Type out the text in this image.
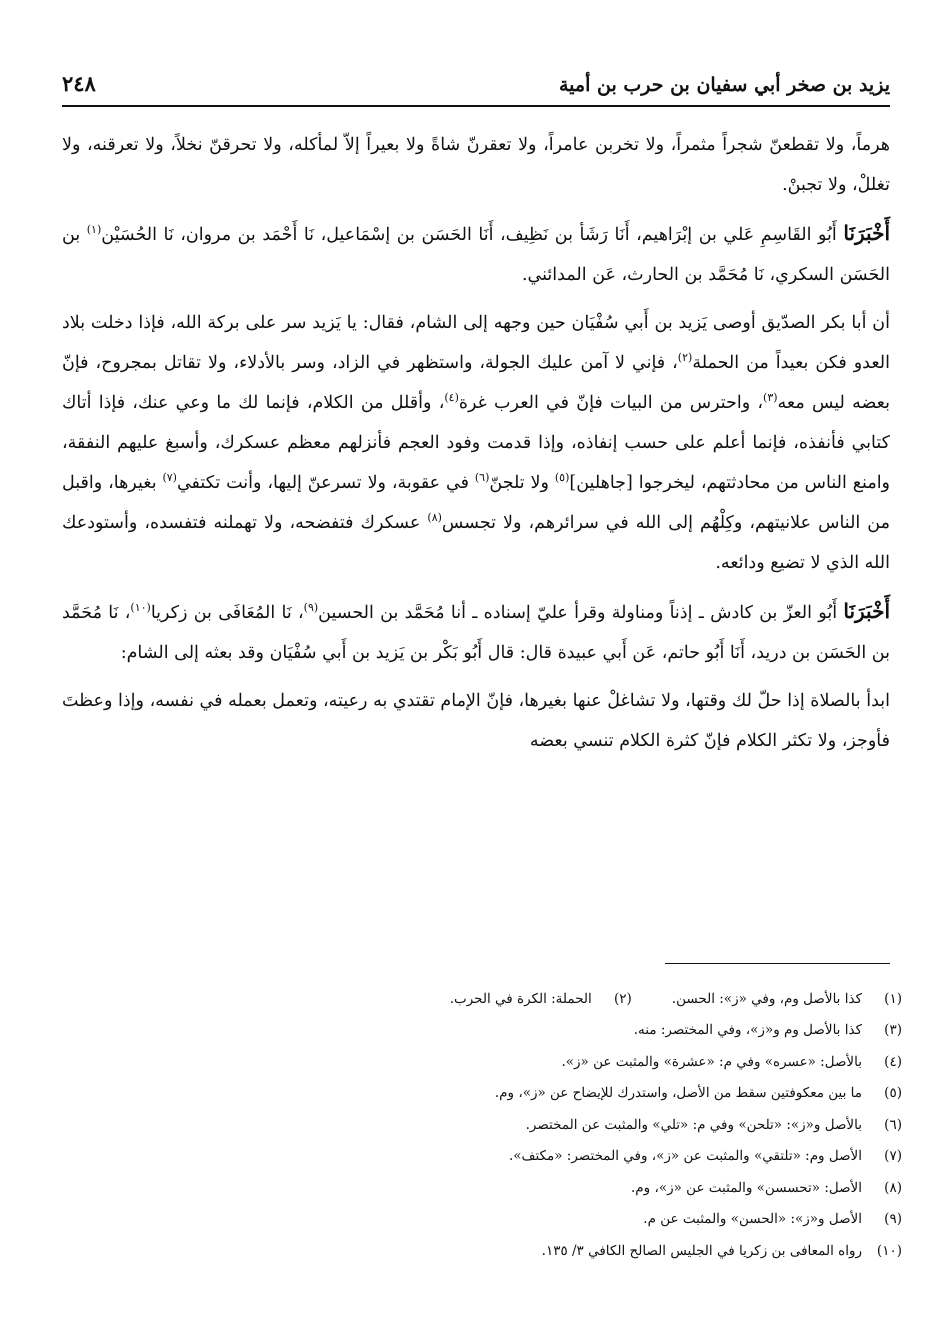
يزيد بن صخر أبي سفيان بن حرب بن أمية
٢٤٨

هرماً، ولا تقطعنّ شجراً مثمراً، ولا تخربن عامراً، ولا تعقرنّ شاةً ولا بعيراً إلاّ لمأكله، ولا تحرقنّ نخلاً، ولا تعرقنه، ولا تغللْ، ولا تجبنْ.

أَخْبَرَنَا أَبُو القَاسِمِ عَلي بن إبْرَاهيم، أَنَا رَشَأ بن نَظِيف، أَنَا الحَسَن بن إسْمَاعيل، نَا أَحْمَد بن مروان، نَا الحُسَيْن$^{(١)}$ بن الحَسَن السكري، نَا مُحَمَّد بن الحارث، عَن المدائني.

أن أبا بكر الصدّيق أوصى يَزيد بن أَبي سُفْيَان حين وجهه إلى الشام، فقال: يا يَزيد سر على بركة الله، فإذا دخلت بلاد العدو فكن بعيداً من الحملة$^{(٢)}$، فإني لا آمن عليك الجولة، واستظهر في الزاد، وسر بالأدلاء، ولا تقاتل بمجروح، فإنّ بعضه ليس معه$^{(٣)}$، واحترس من البيات فإنّ في العرب غرة$^{(٤)}$، وأقلل من الكلام، فإنما لك ما وعي عنك، فإذا أتاك كتابي فأنفذه، فإنما أعلم على حسب إنفاذه، وإذا قدمت وفود العجم فأنزلهم معظم عسكرك، وأسبغ عليهم النفقة، وامنع الناس من محادثتهم، ليخرجوا [جاهلين]$^{(٥)}$ ولا تلجنّ$^{(٦)}$ في عقوبة، ولا تسرعنّ إليها، وأنت تكتفي$^{(٧)}$ بغيرها، واقبل من الناس علانيتهم، وكِلْهُم إلى الله في سرائرهم، ولا تجسس$^{(٨)}$ عسكرك فتفضحه، ولا تهملنه فتفسده، وأستودعك الله الذي لا تضيع ودائعه.

أَخْبَرَنَا أَبُو العزّ بن كادش ـ إذناً ومناولة وقرأ عليّ إسناده ـ أنا مُحَمَّد بن الحسين$^{(٩)}$، نَا المُعَافَى بن زكريا$^{(١٠)}$، نَا مُحَمَّد بن الحَسَن بن دريد، أَنَا أَبُو حاتم، عَن أَبي عبيدة قال: قال أَبُو بَكْر بن يَزيد بن أَبي سُفْيَان وقد بعثه إلى الشام:

ابدأ بالصلاة إذا حلّ لك وقتها، ولا تشاغلْ عنها بغيرها، فإنّ الإمام تقتدي به رعيته، وتعمل بعمله في نفسه، وإذا وعظتَ فأوجز، ولا تكثر الكلام فإنّ كثرة الكلام تنسي بعضه

(١)
كذا بالأصل وم، وفي «ز»: الحسن.
(٢)
الحملة: الكرة في الحرب.
(٣)
كذا بالأصل وم و«ز»، وفي المختصر: منه.
(٤)
بالأصل: «عسره» وفي م: «عشرة» والمثبت عن «ز».
(٥)
ما بين معكوفتين سقط من الأصل، واستدرك للإيضاح عن «ز»، وم.
(٦)
بالأصل و«ز»: «تلحن» وفي م: «تلي» والمثبت عن المختصر.
(٧)
الأصل وم: «تلتقي» والمثبت عن «ز»، وفي المختصر: «مكتف».
(٨)
الأصل: «تحسسن» والمثبت عن «ز»، وم.
(٩)
الأصل و«ز»: «الحسن» والمثبت عن م.
(١٠)
رواه المعافى بن زكريا في الجليس الصالح الكافي ٣/ ١٣٥.
